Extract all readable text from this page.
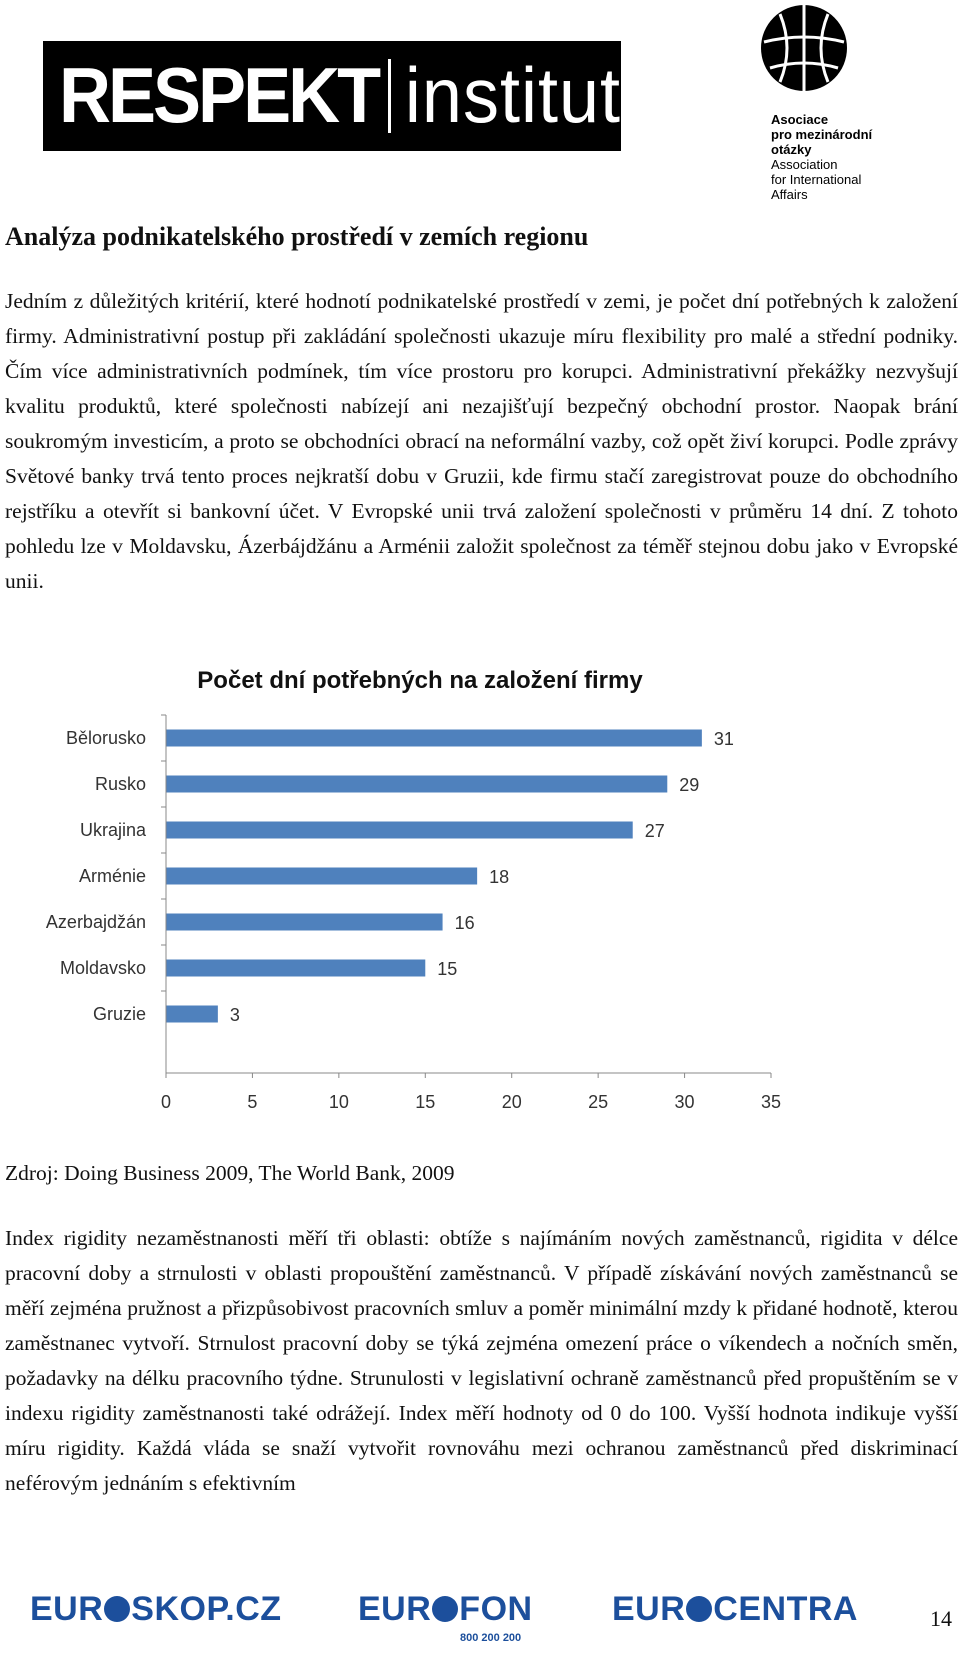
RESPEKT institut	Asociace
pro mezinárodní
otázky
Association
for International
Affairs
Analýza podnikatelského prostředí v zemích regionu

Jedním z důležitých kritérií, které hodnotí podnikatelské prostředí v zemi, je počet dní potřebných k založení firmy. Administrativní postup při zakládání společnosti ukazuje míru flexibility pro malé a střední podniky. Čím více administrativních podmínek, tím více prostoru pro korupci. Administrativní překážky nezvyšují kvalitu produktů, které společnosti nabízejí ani nezajišťují bezpečný obchodní prostor. Naopak brání soukromým investicím, a proto se obchodníci obrací na neformální vazby, což opět živí korupci. Podle zprávy Světové banky trvá tento proces nejkratší dobu v Gruzii, kde firmu stačí zaregistrovat pouze do obchodního rejstříku a otevřít si bankovní účet. V Evropské unii trvá založení společnosti v průměru 14 dní. Z tohoto pohledu lze v Moldavsku, Ázerbájdžánu a Arménii založit společnost za téměř stejnou dobu jako v Evropské unii.

Počet dní potřebných na založení firmy
Bělorusko	31
Rusko	29
Ukrajina	27
Arménie	18
Azerbajdžán	16
Moldavsko	15
Gruzie	3
0	5	10	15	20	25	30	35

Zdroj: Doing Business 2009, The World Bank, 2009

Index rigidity nezaměstnanosti měří tři oblasti: obtíže s najímáním nových zaměstnanců, rigidita v délce pracovní doby a strnulosti v oblasti propouštění zaměstnanců. V případě získávání nových zaměstnanců se měří zejména pružnost a přizpůsobivost pracovních smluv a poměr minimální mzdy k přidané hodnotě, kterou zaměstnanec vytvoří. Strnulost pracovní doby se týká zejména omezení práce o víkendech a nočních směn, požadavky na délku pracovního týdne. Strunulosti v legislativní ochraně zaměstnanců před propuštěním se v indexu rigidity zaměstnanosti také odrážejí. Index měří hodnoty od 0 do 100. Vyšší hodnota indikuje vyšší míru rigidity. Každá vláda se snaží vytvořit rovnováhu mezi ochranou zaměstnanců před diskriminací neférovým jednáním s efektivním

EUR SKOP.CZ EUR FON
800 200 200
EUR CENTRA	14
